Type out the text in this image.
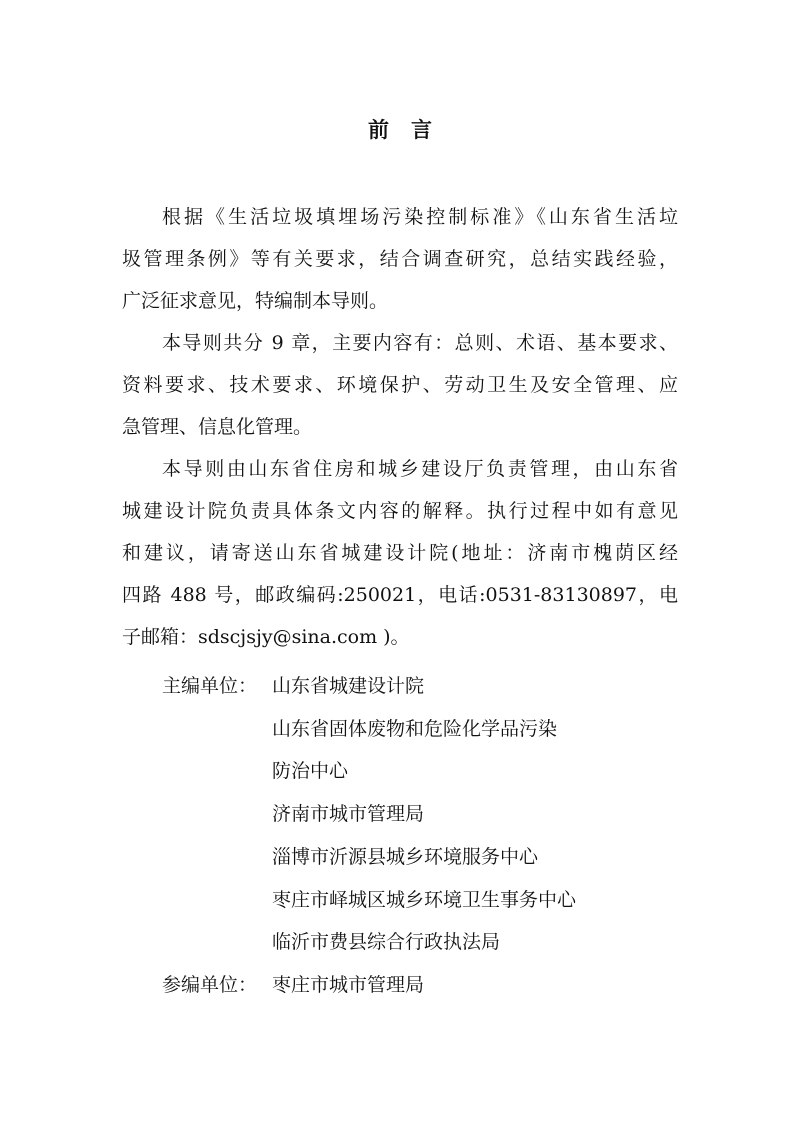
前言
根据《生活垃圾填埋场污染控制标准》《山东省生活垃
圾管理条例》等有关要求，结合调查研究，总结实践经验，
广泛征求意见，特编制本导则。
本导则共分 9 章，主要内容有：总则、术语、基本要求、
资料要求、技术要求、环境保护、劳动卫生及安全管理、应
急管理、信息化管理。
本导则由山东省住房和城乡建设厅负责管理，由山东省
城建设计院负责具体条文内容的解释。执行过程中如有意见
和建议，请寄送山东省城建设计院(地址：济南市槐荫区经
四路 488 号，邮政编码:250021，电话:0531-83130897，电
子邮箱：sdscjsjy@sina.com )。
主编单位： 山东省城建设计院
山东省固体废物和危险化学品污染
防治中心
济南市城市管理局
淄博市沂源县城乡环境服务中心
枣庄市峄城区城乡环境卫生事务中心
临沂市费县综合行政执法局
参编单位： 枣庄市城市管理局
